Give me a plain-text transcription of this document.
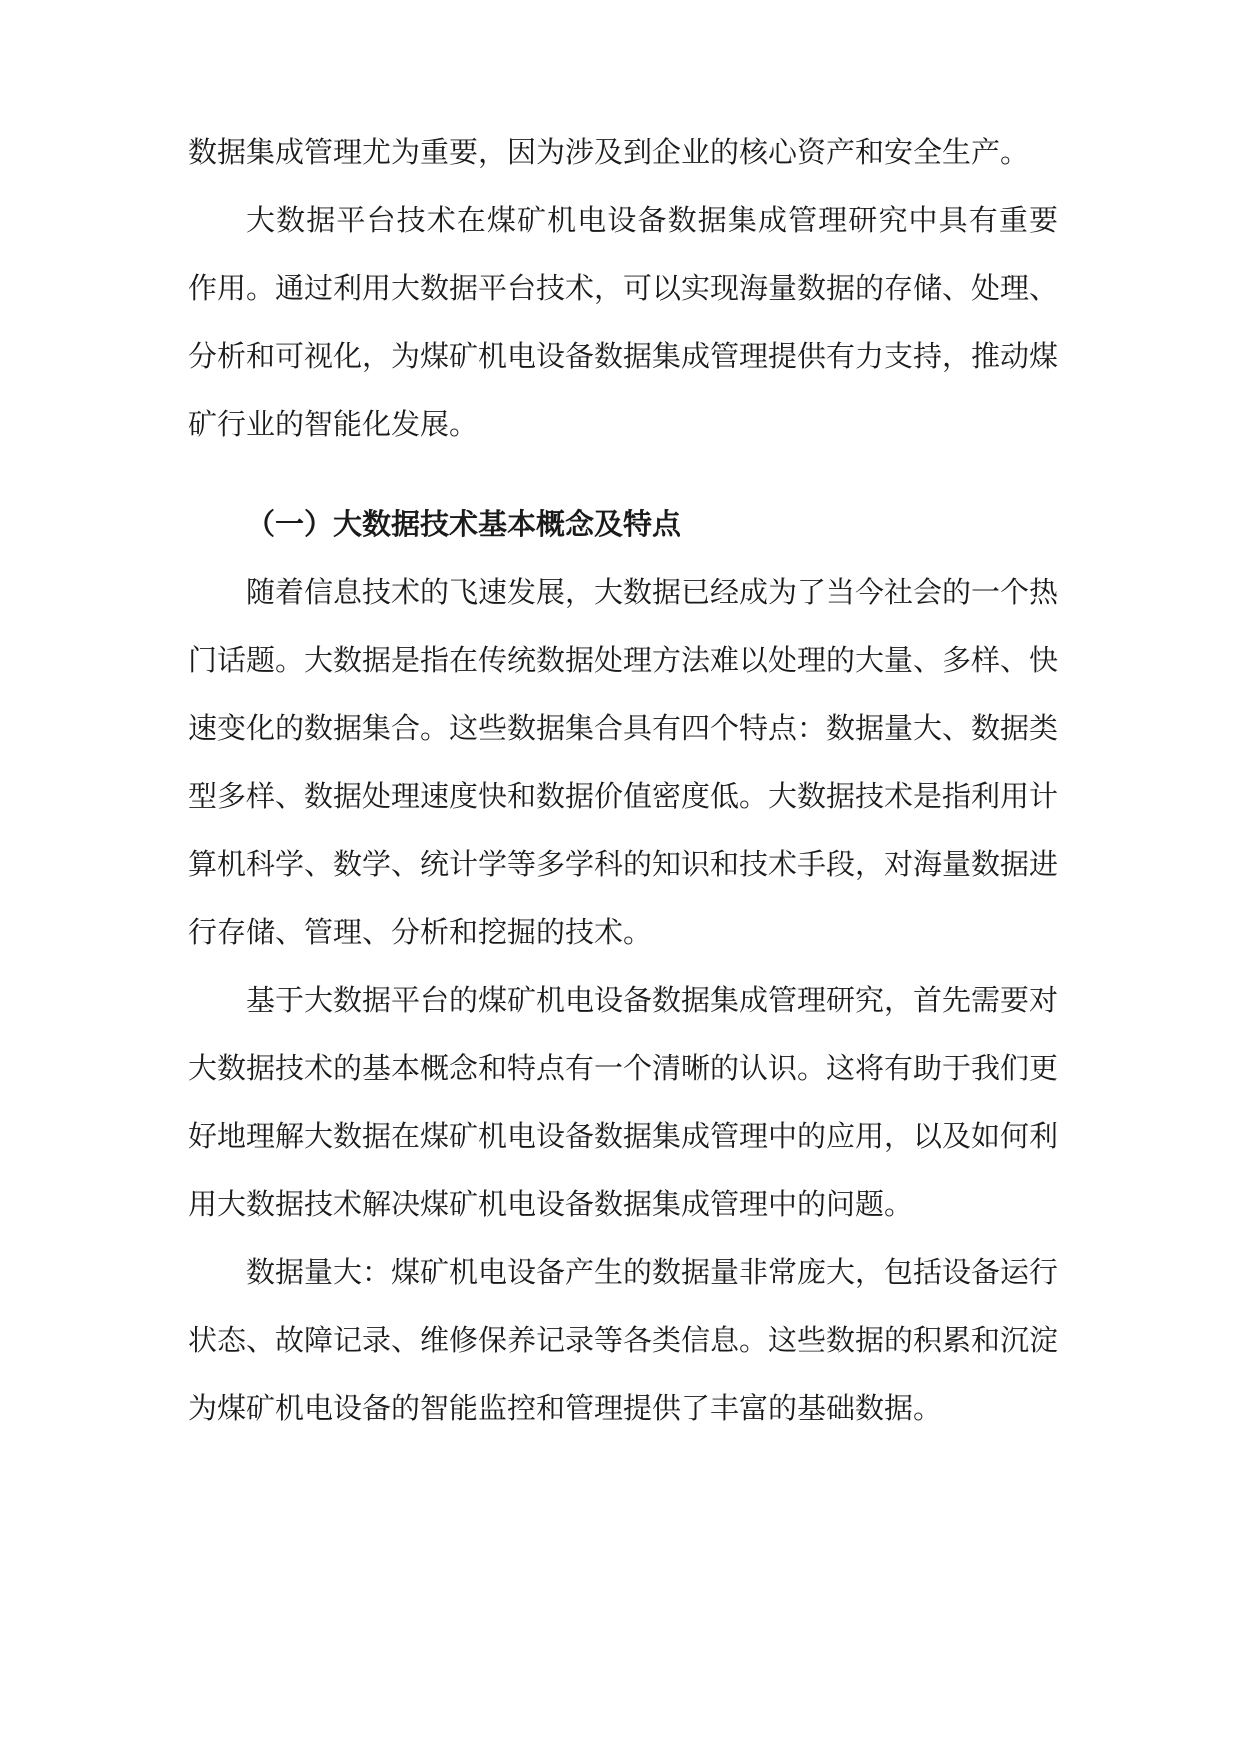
数据集成管理尤为重要，因为涉及到企业的核心资产和安全生产。
大数据平台技术在煤矿机电设备数据集成管理研究中具有重要
作用。通过利用大数据平台技术，可以实现海量数据的存储、处理、
分析和可视化，为煤矿机电设备数据集成管理提供有力支持，推动煤
矿行业的智能化发展。
（一）大数据技术基本概念及特点
随着信息技术的飞速发展，大数据已经成为了当今社会的一个热
门话题。大数据是指在传统数据处理方法难以处理的大量、多样、快
速变化的数据集合。这些数据集合具有四个特点：数据量大、数据类
型多样、数据处理速度快和数据价值密度低。大数据技术是指利用计
算机科学、数学、统计学等多学科的知识和技术手段，对海量数据进
行存储、管理、分析和挖掘的技术。
基于大数据平台的煤矿机电设备数据集成管理研究，首先需要对
大数据技术的基本概念和特点有一个清晰的认识。这将有助于我们更
好地理解大数据在煤矿机电设备数据集成管理中的应用，以及如何利
用大数据技术解决煤矿机电设备数据集成管理中的问题。
数据量大：煤矿机电设备产生的数据量非常庞大，包括设备运行
状态、故障记录、维修保养记录等各类信息。这些数据的积累和沉淀
为煤矿机电设备的智能监控和管理提供了丰富的基础数据。
